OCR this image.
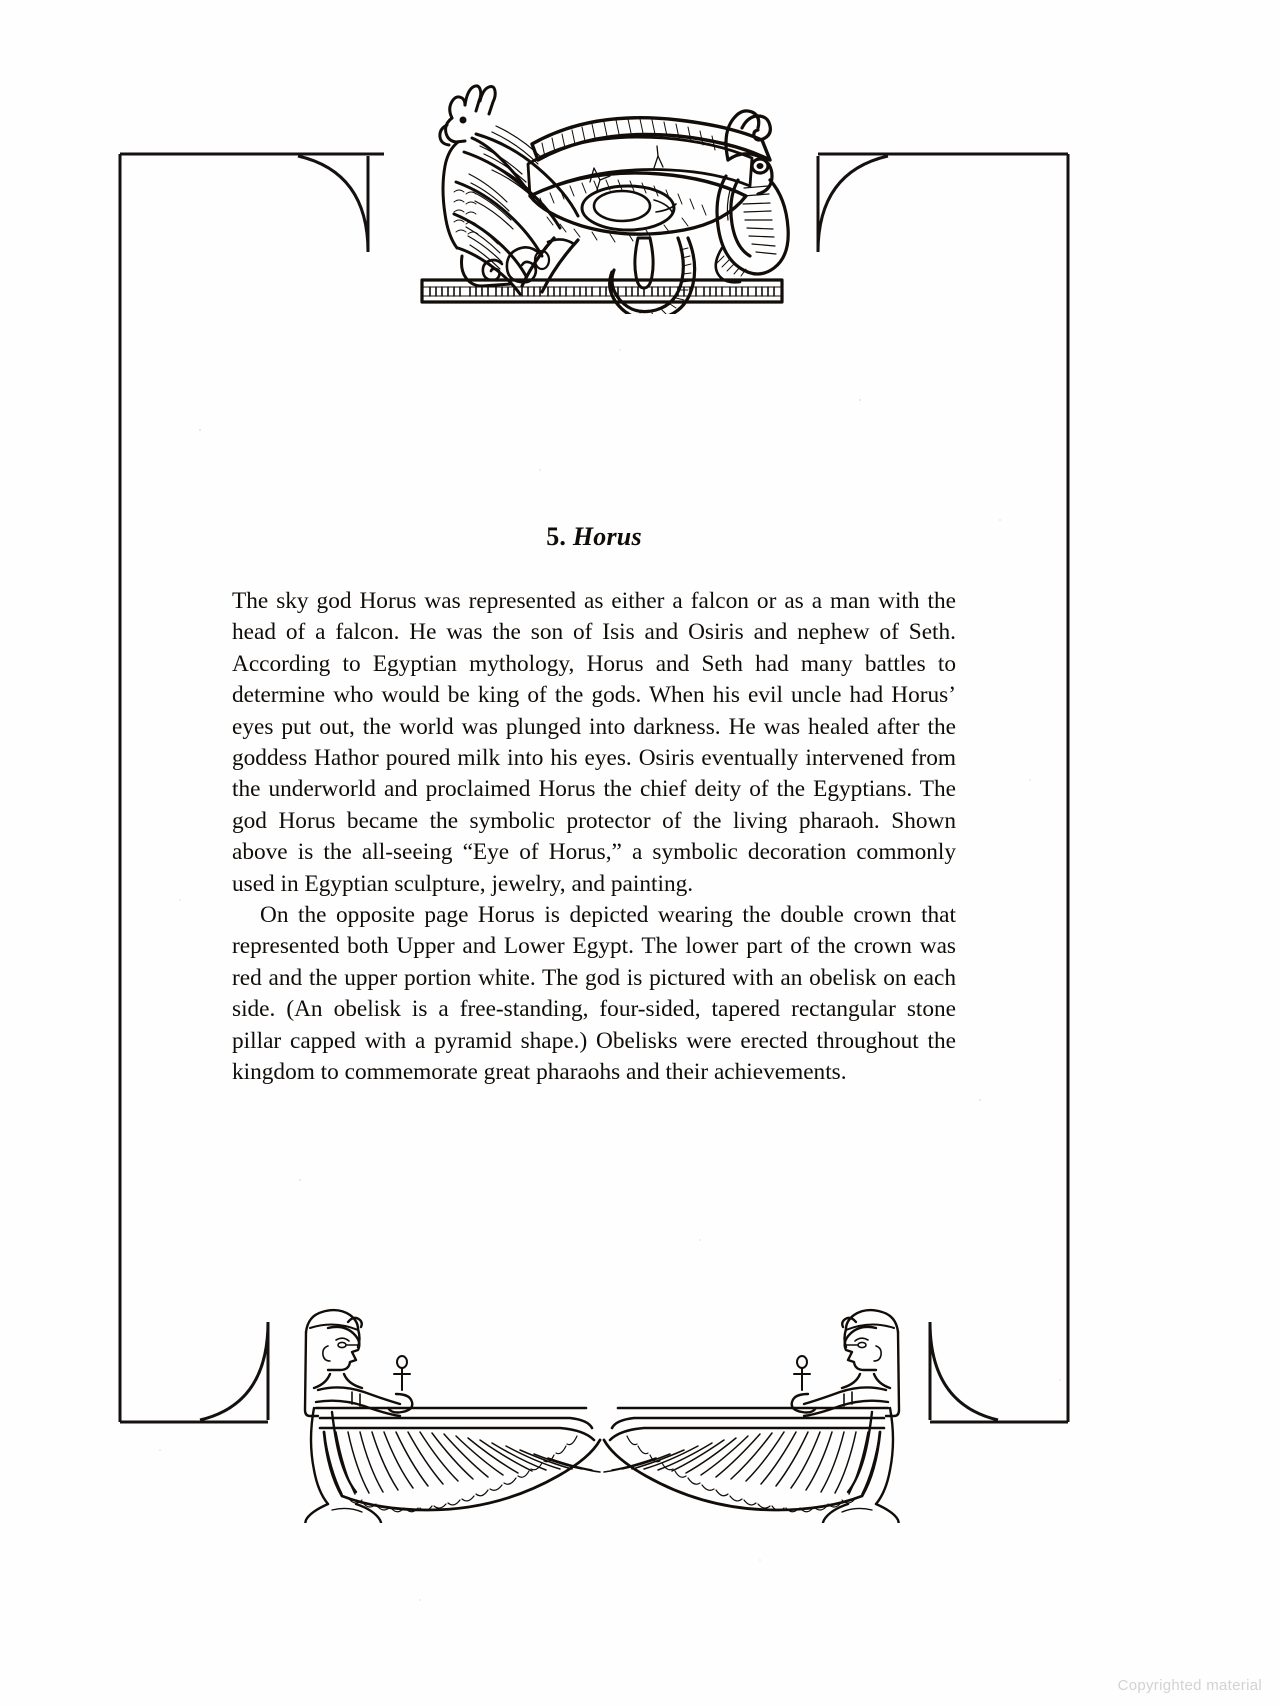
5. Horus

The sky god Horus was represented as either a falcon or as a man with the head of a falcon. He was the son of Isis and Osiris and nephew of Seth. According to Egyptian mythology, Horus and Seth had many battles to determine who would be king of the gods. When his evil uncle had Horus’ eyes put out, the world was plunged into darkness. He was healed after the goddess Hathor poured milk into his eyes. Osiris eventually intervened from the underworld and proclaimed Horus the chief deity of the Egyptians. The god Horus became the symbolic protector of the living pharaoh. Shown above is the all-seeing “Eye of Horus,” a symbolic decoration commonly used in Egyptian sculpture, jewelry, and painting.

On the opposite page Horus is depicted wearing the double crown that represented both Upper and Lower Egypt. The lower part of the crown was red and the upper portion white. The god is pictured with an obelisk on each side. (An obelisk is a free-standing, four-sided, tapered rectangular stone pillar capped with a pyramid shape.) Obelisks were erected throughout the kingdom to commemorate great pharaohs and their achievements.

Copyrighted material
